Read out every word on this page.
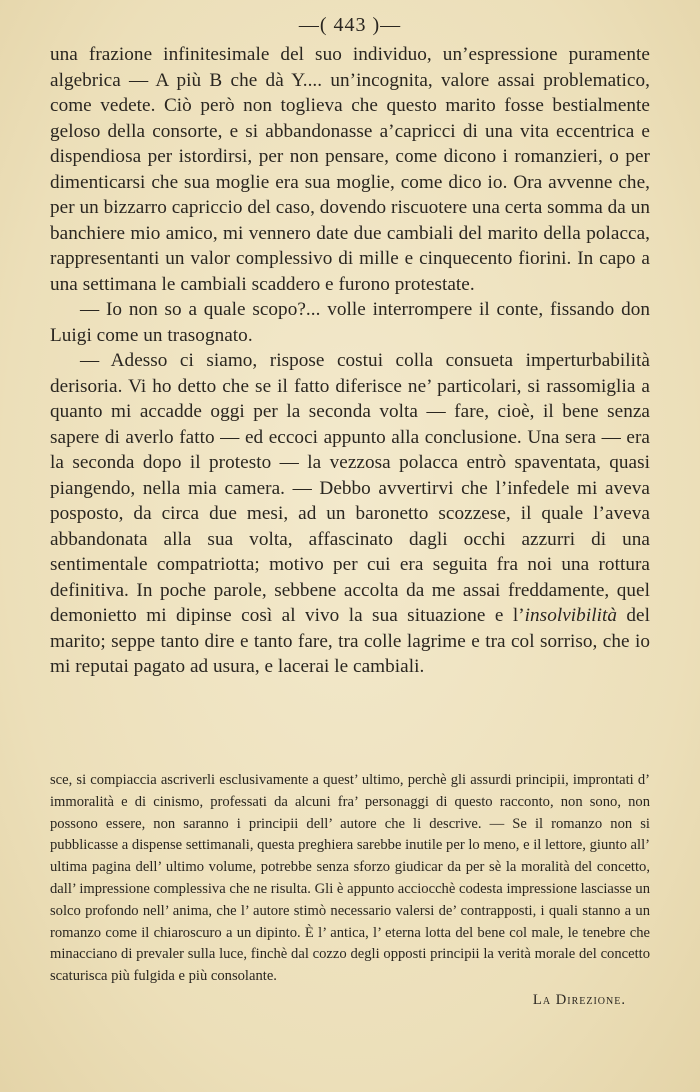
—( 443 )—

una frazione infinitesimale del suo individuo, un’espressione puramente algebrica — A più B che dà Y.... un’incognita, valore assai problematico, come vedete. Ciò però non toglieva che questo marito fosse bestialmente geloso della consorte, e si abbandonasse a’capricci di una vita eccentrica e dispendiosa per istordirsi, per non pensare, come dicono i romanzieri, o per dimenticarsi che sua moglie era sua moglie, come dico io. Ora avvenne che, per un bizzarro capriccio del caso, dovendo riscuotere una certa somma da un banchiere mio amico, mi vennero date due cambiali del marito della polacca, rappresentanti un valor complessivo di mille e cinquecento fiorini. In capo a una settimana le cambiali scaddero e furono protestate.

— Io non so a quale scopo?... volle interrompere il conte, fissando don Luigi come un trasognato.

— Adesso ci siamo, rispose costui colla consueta imperturbabilità derisoria. Vi ho detto che se il fatto diferisce ne’ particolari, si rassomiglia a quanto mi accadde oggi per la seconda volta — fare, cioè, il bene senza sapere di averlo fatto — ed eccoci appunto alla conclusione. Una sera — era la seconda dopo il protesto — la vezzosa polacca entrò spaventata, quasi piangendo, nella mia camera. — Debbo avvertirvi che l’infedele mi aveva posposto, da circa due mesi, ad un baronetto scozzese, il quale l’aveva abbandonata alla sua volta, affascinato dagli occhi azzurri di una sentimentale compatriotta; motivo per cui era seguita fra noi una rottura definitiva. In poche parole, sebbene accolta da me assai freddamente, quel demonietto mi dipinse così al vivo la sua situazione e l’insolvibilità del marito; seppe tanto dire e tanto fare, tra colle lagrime e tra col sorriso, che io mi reputai pagato ad usura, e lacerai le cambiali.

sce, si compiaccia ascriverli esclusivamente a quest’ ultimo, perchè gli assurdi principii, improntati d’ immoralità e di cinismo, professati da alcuni fra’ personaggi di questo racconto, non sono, non possono essere, non saranno i principii dell’ autore che li descrive. — Se il romanzo non si pubblicasse a dispense settimanali, questa preghiera sarebbe inutile per lo meno, e il lettore, giunto all’ ultima pagina dell’ ultimo volume, potrebbe senza sforzo giudicar da per sè la moralità del concetto, dall’ impressione complessiva che ne risulta. Gli è appunto acciocchè codesta impressione lasciasse un solco profondo nell’ anima, che l’ autore stimò necessario valersi de’ contrapposti, i quali stanno a un romanzo come il chiaroscuro a un dipinto. È l’ antica, l’ eterna lotta del bene col male, le tenebre che minacciano di prevaler sulla luce, finchè dal cozzo degli opposti principii la verità morale del concetto scaturisca più fulgida e più consolante.

La Direzione.
